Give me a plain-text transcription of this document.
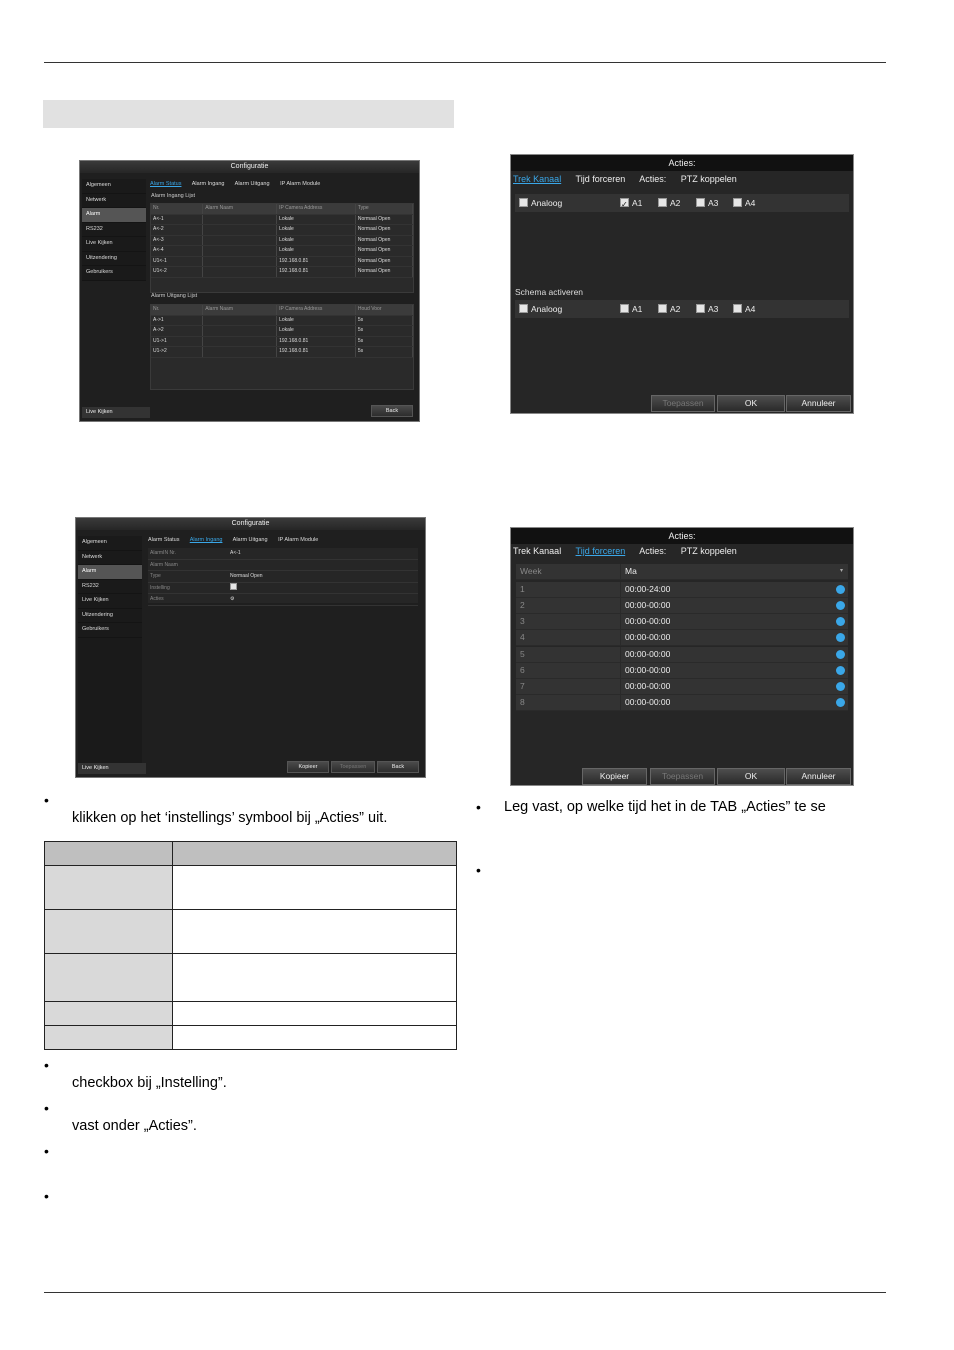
Configuratie
Algemeen
Netwerk
Alarm
RS232
Live Kijken
Uitzendering
Gebruikers
Alarm Status Alarm Ingang Alarm Uitgang IP Alarm Module
Alarm Ingang Lijst
Nr.	Alarm Naam	IP Camera Address	Type
A<-1	Lokale	Normaal Open
A<-2	Lokale	Normaal Open
A<-3	Lokale	Normaal Open
A<-4	Lokale	Normaal Open
U1<-1	192.168.0.81	Normaal Open
U1<-2	192.168.0.81	Normaal Open
Alarm Uitgang Lijst
Nr.	Alarm Naam	IP Camera Address	Houd Voor
A->1	Lokale	5s
A->2	Lokale	5s
U1->1	192.168.0.81	5s
U1->2	192.168.0.81	5s
Live Kijken	Back
Configuratie
Algemeen
Netwerk
Alarm
RS232
Live Kijken
Uitzendering
Gebruikers
Alarm Status Alarm Ingang Alarm Uitgang IP Alarm Module
AlarmIN Nr.	A<-1
Alarm Naam
Type	Normaal Open
Instelling
Acties	⚙
Live Kijken	Kopieer	Toepassen	Back
Acties:
Trek Kanaal Tijd forceren Acties: PTZ koppelen
Analoog
✓	A1	A2	A3	A4
Schema activeren
Analoog	A1	A2	A3	A4
Toepassen	OK	Annuleer
Acties:
Trek Kanaal Tijd forceren Acties: PTZ koppelen
Week	Ma	▾
1	00:00-24:00
2	00:00-00:00
3	00:00-00:00
4	00:00-00:00
5	00:00-00:00
6	00:00-00:00
7	00:00-00:00
8	00:00-00:00
Kopieer	Toepassen	OK	Annuleer
•
klikken op het ‘instellings’ symbool bij „Acties” uit.
• Leg vast, op welke tijd het in de TAB „Acties” te se
•

•
checkbox bij „Instelling”.
•
vast onder „Acties”.
•
•
